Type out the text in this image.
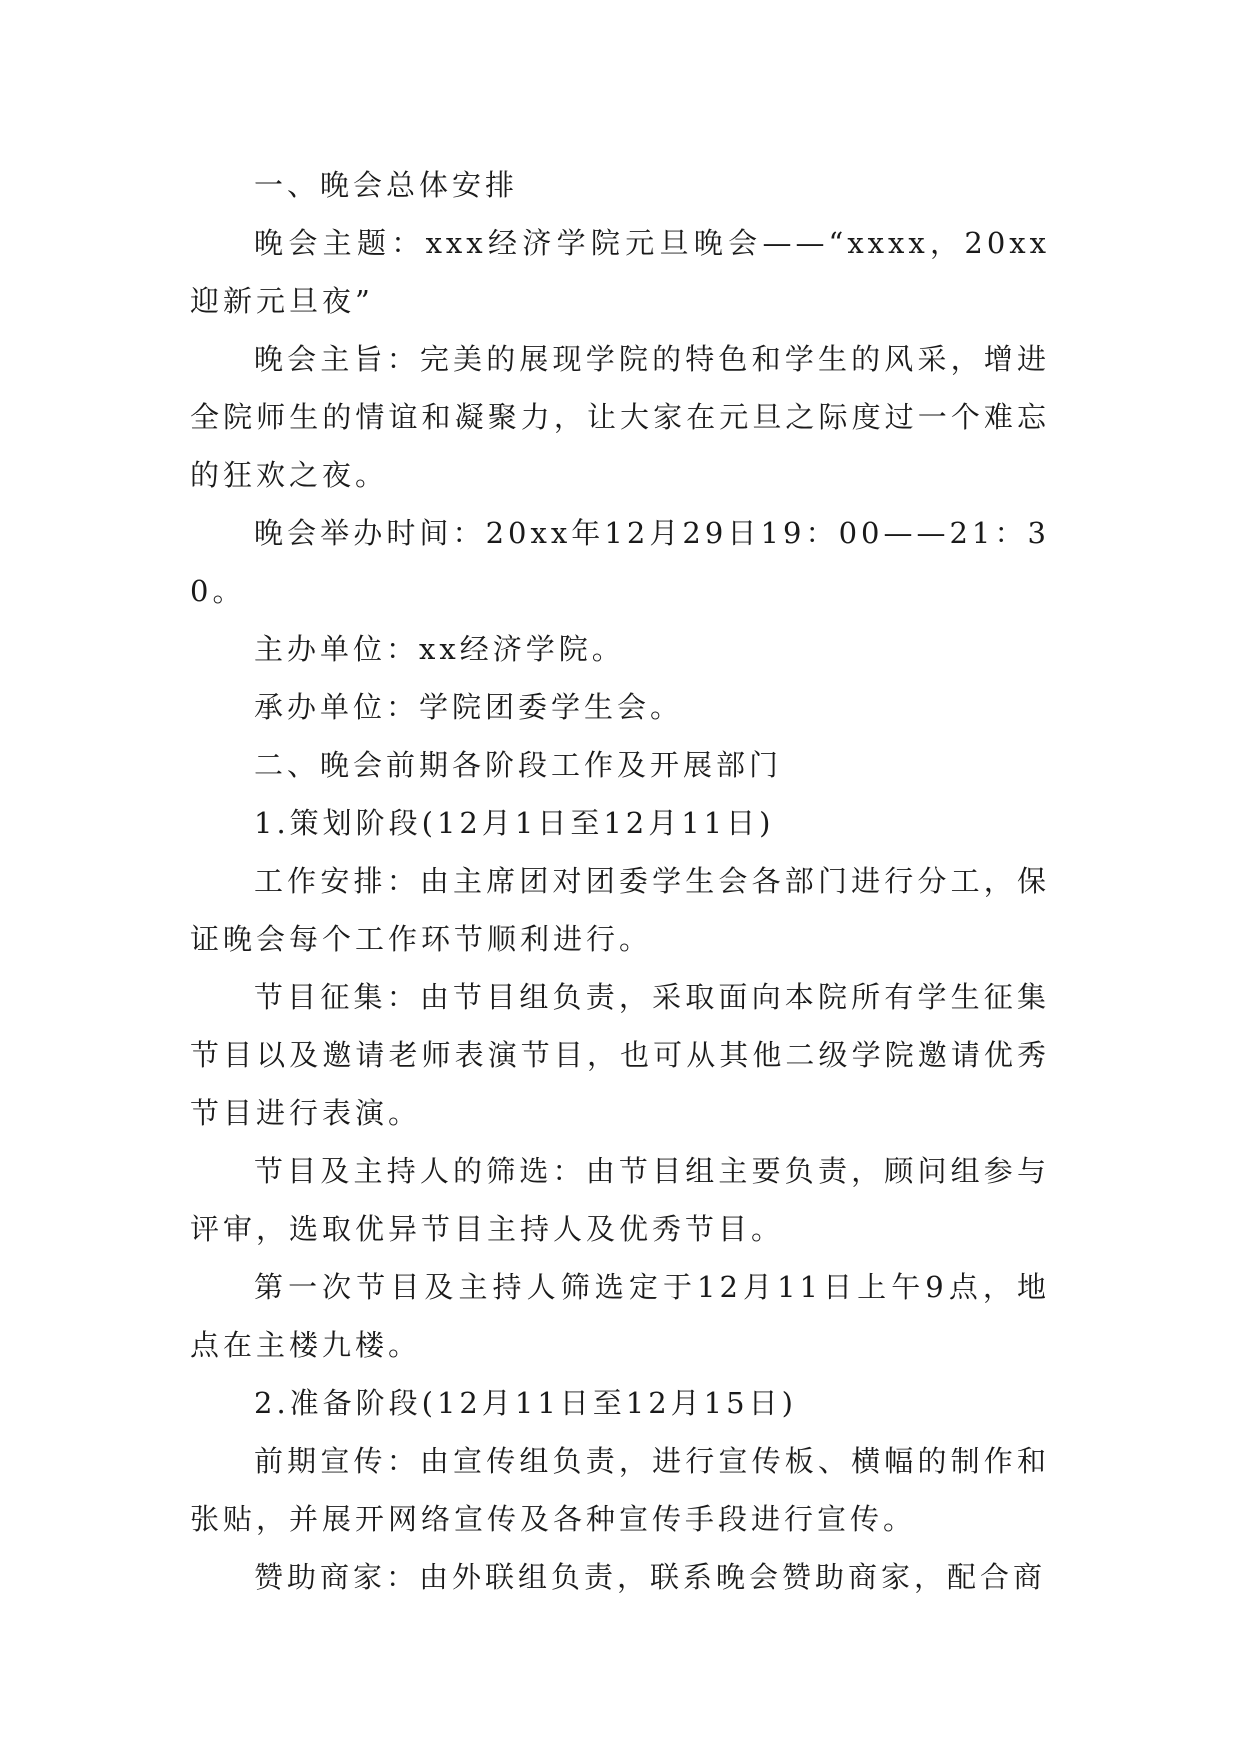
一、晚会总体安排

晚会主题：xxx经济学院元旦晚会——“xxxx，20xx迎新元旦夜”

晚会主旨：完美的展现学院的特色和学生的风采，增进全院师生的情谊和凝聚力，让大家在元旦之际度过一个难忘的狂欢之夜。

晚会举办时间：20xx年12月29日19：00——21：30。

主办单位：xx经济学院。

承办单位：学院团委学生会。

二、晚会前期各阶段工作及开展部门

1.策划阶段(12月1日至12月11日)

工作安排：由主席团对团委学生会各部门进行分工，保证晚会每个工作环节顺利进行。

节目征集：由节目组负责，采取面向本院所有学生征集节目以及邀请老师表演节目，也可从其他二级学院邀请优秀节目进行表演。

节目及主持人的筛选：由节目组主要负责，顾问组参与评审，选取优异节目主持人及优秀节目。

第一次节目及主持人筛选定于12月11日上午9点，地点在主楼九楼。

2.准备阶段(12月11日至12月15日)

前期宣传：由宣传组负责，进行宣传板、横幅的制作和张贴，并展开网络宣传及各种宣传手段进行宣传。

赞助商家：由外联组负责，联系晚会赞助商家，配合商
